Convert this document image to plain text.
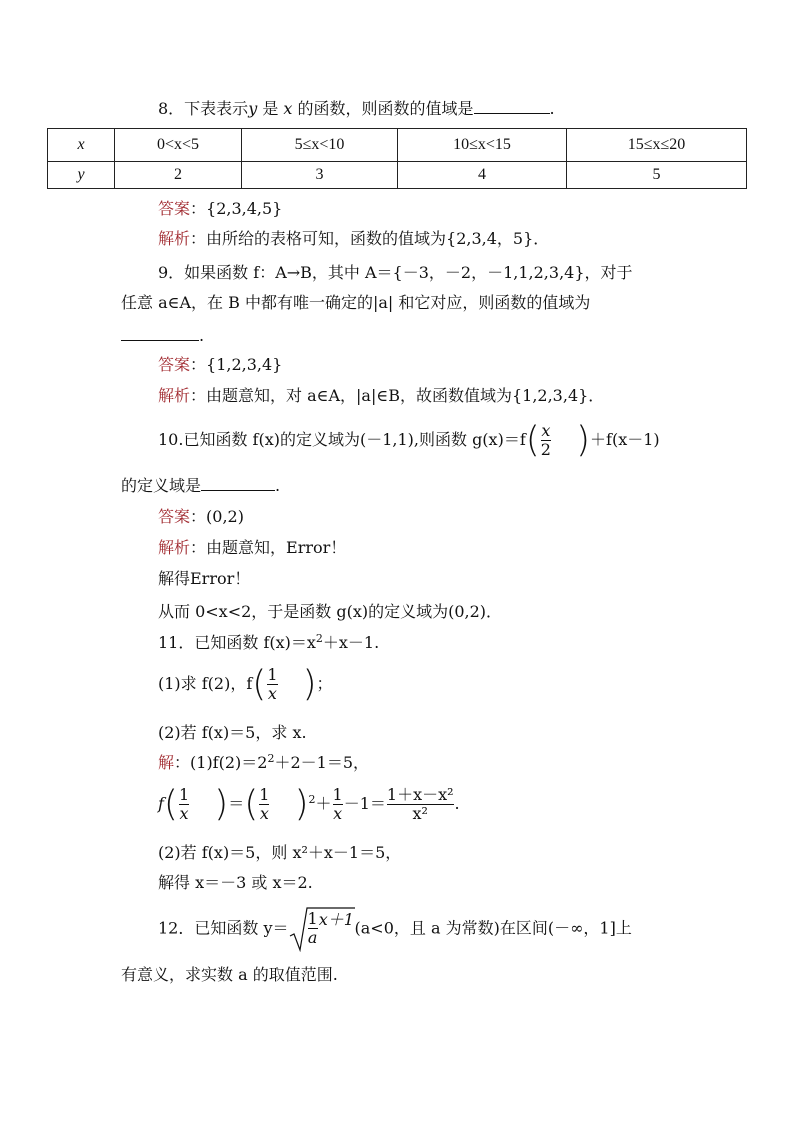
8．下表表示y 是 x 的函数，则函数的值域是	.
x	0<x<5	5≤x<10	10≤x<15	15≤x≤20
y	2	3	4	5
答案：{2,3,4,5}
解析：由所给的表格可知，函数的值域为{2,3,4，5}．
9．如果函数 f：A→B，其中 A＝{－3，－2，－1,1,2,3,4}，对于
任意 a∈A，在 B 中都有唯一确定的|a| 和它对应，则函数的值域为
.
答案：{1,2,3,4}
解析：由题意知，对 a∈A，|a|∈B，故函数值域为{1,2,3,4}．
10.已知函数 f(x)的定义域为(－1,1),则函数 $g(x)=f( \frac{x}{2} )+f(x-1)$
的定义域是	.
答案：(0,2)
解析：由题意知，Error！
解得Error！
从而 0<x<2，于是函数 g(x)的定义域为(0,2)．
11．已知函数 $f(x)=x^2+x-1$.
(1)求 f(2)，$f( \frac{1}{x}$ )；
(2)若 f(x)＝5，求 x.
解：$(1)f(2)=2^2+2-1=5$，
$f( \frac{1}{x}$ )＝( $\frac{1}{x} )^2+ \frac{1}{x} -1= \frac{\text{1＋x－x²}}{\text{x²}}$ .
(2)若 f(x)＝5，则 x²＋x－1＝5，
解得 x＝－3 或 x＝2.
12．已知函数 $y= \frac{1}{a} x+1$ (a<0，且 a 为常数)在区间(－∞，1]上
有意义，求实数 a 的取值范围.
